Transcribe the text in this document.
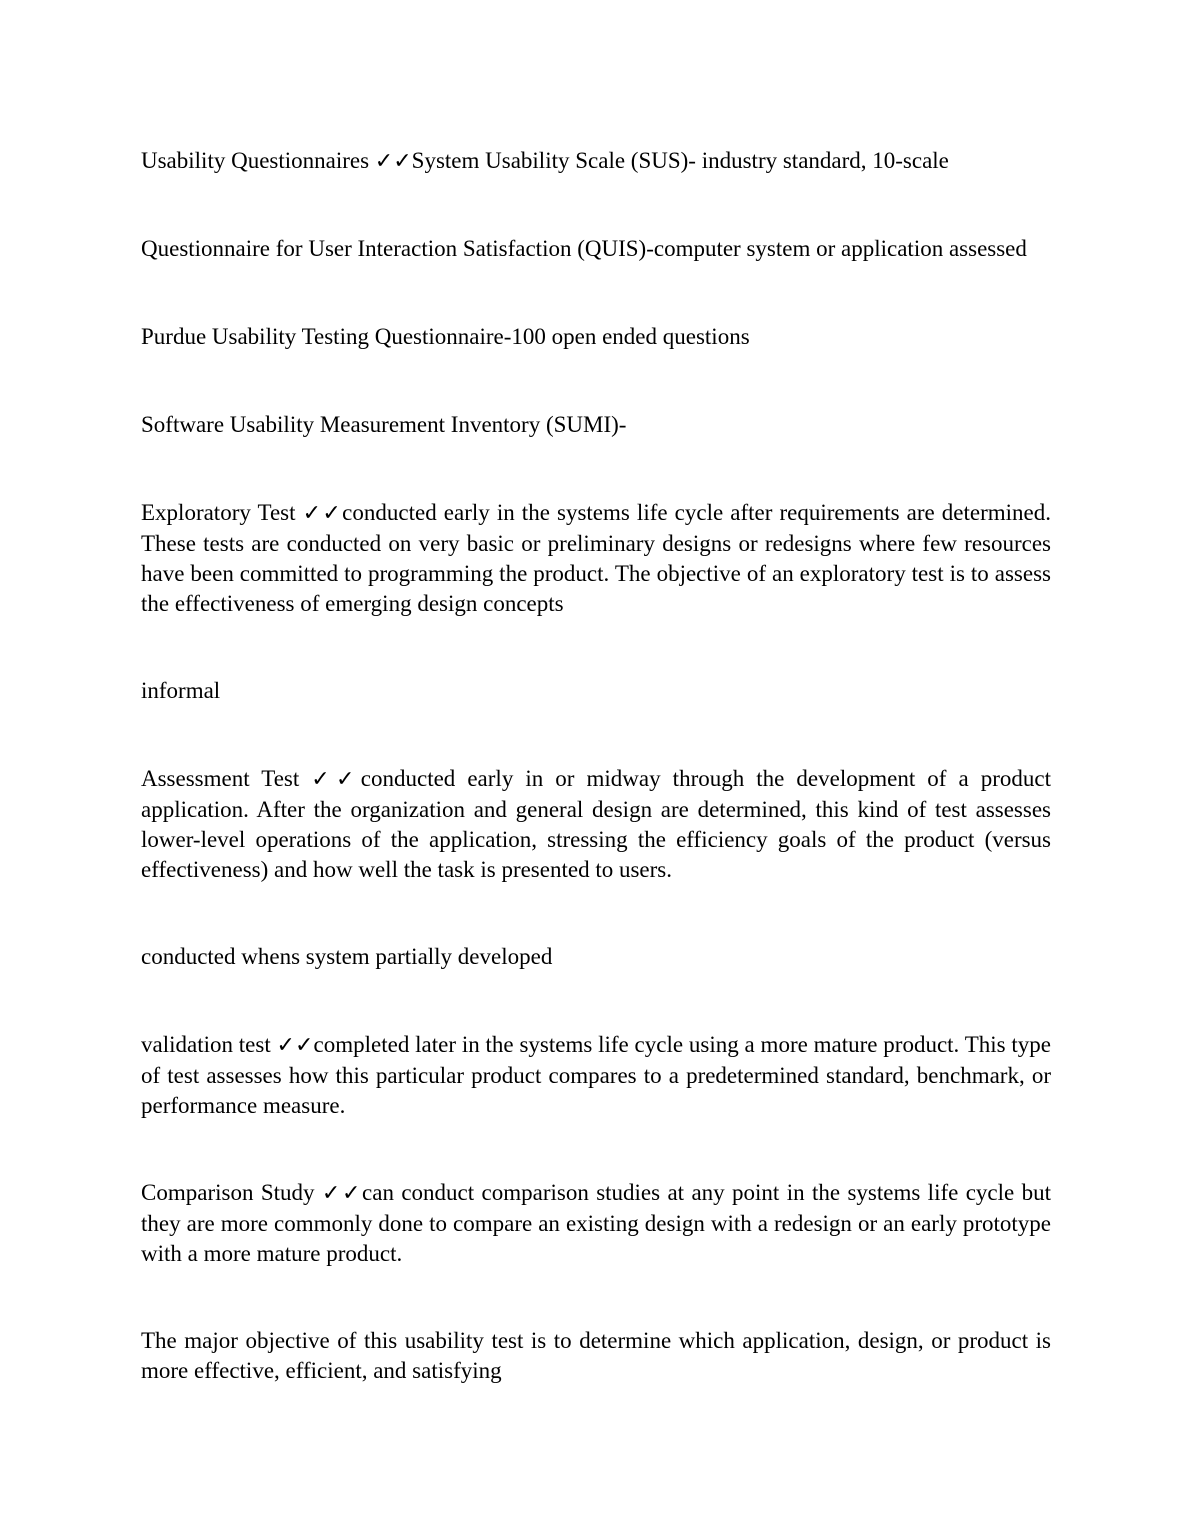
Usability Questionnaires ✓✓System Usability Scale (SUS)- industry standard, 10-scale

Questionnaire for User Interaction Satisfaction (QUIS)-computer system or application assessed

Purdue Usability Testing Questionnaire-100 open ended questions

Software Usability Measurement Inventory (SUMI)-

Exploratory Test ✓✓conducted early in the systems life cycle after requirements are determined. These tests are conducted on very basic or preliminary designs or redesigns where few resources have been committed to programming the product. The objective of an exploratory test is to assess the effectiveness of emerging design concepts

informal

Assessment Test ✓✓conducted early in or midway through the development of a product application. After the organization and general design are determined, this kind of test assesses lower-level operations of the application, stressing the efficiency goals of the product (versus effectiveness) and how well the task is presented to users.

conducted whens system partially developed

validation test ✓✓completed later in the systems life cycle using a more mature product. This type of test assesses how this particular product compares to a predetermined standard, benchmark, or performance measure.

Comparison Study ✓✓can conduct comparison studies at any point in the systems life cycle but they are more commonly done to compare an existing design with a redesign or an early prototype with a more mature product.

The major objective of this usability test is to determine which application, design, or product is more effective, efficient, and satisfying
